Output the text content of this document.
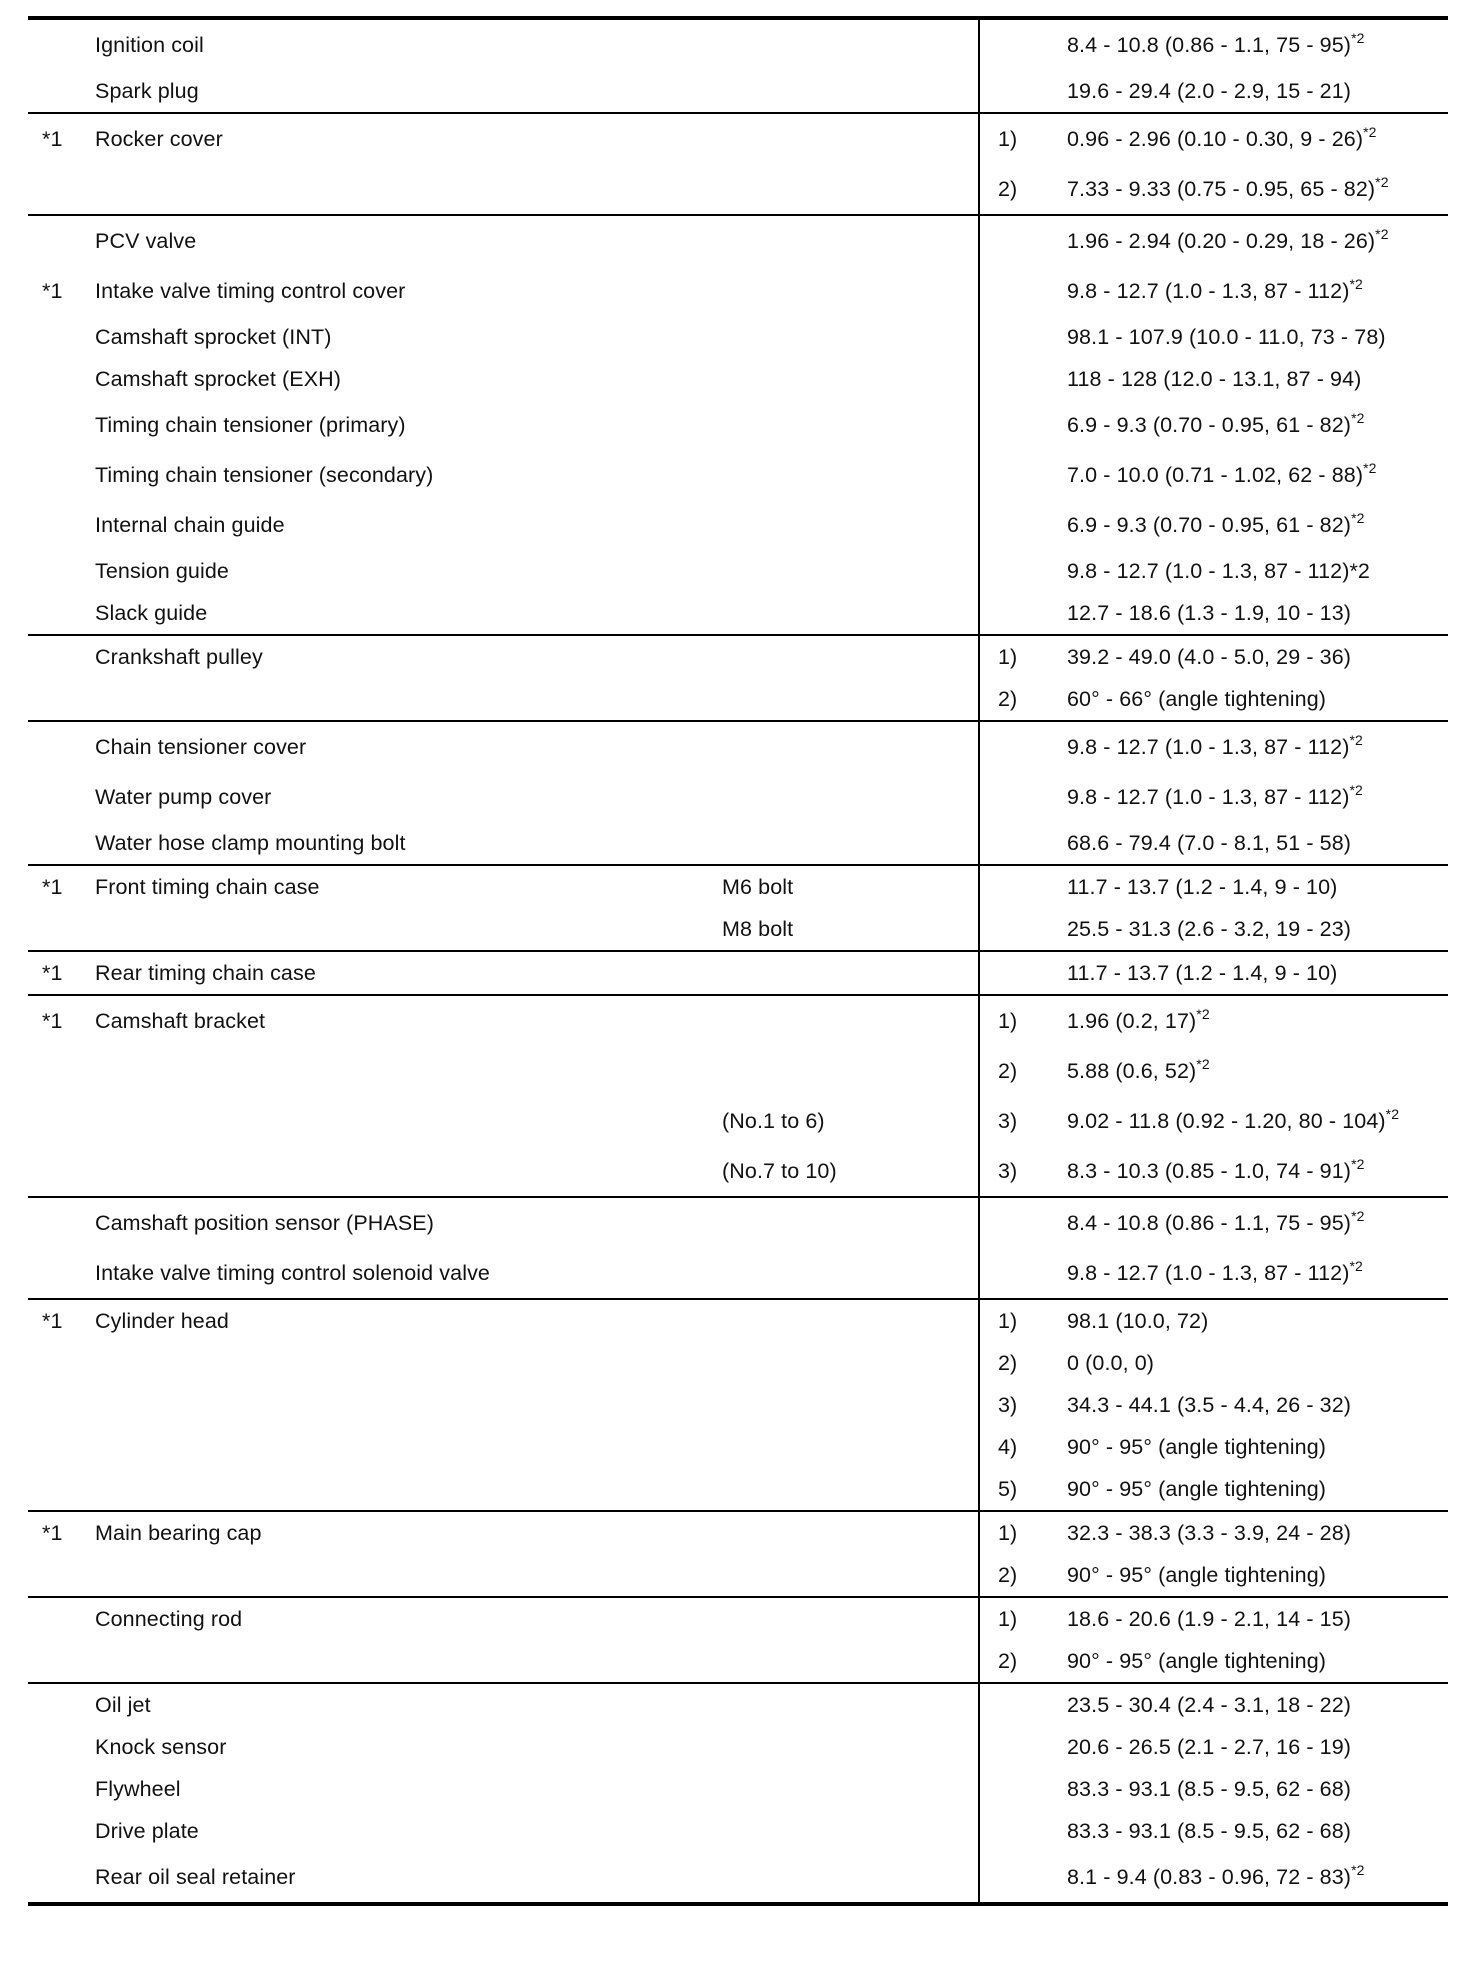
	Ignition coil			8.4 - 10.8 (0.86 - 1.1, 75 - 95)$^{*2}$
	Spark plug			19.6 - 29.4 (2.0 - 2.9, 15 - 21)
*1	Rocker cover		1)	0.96 - 2.96 (0.10 - 0.30, 9 - 26)$^{*2}$
			2)	7.33 - 9.33 (0.75 - 0.95, 65 - 82)$^{*2}$
	PCV valve			1.96 - 2.94 (0.20 - 0.29, 18 - 26)$^{*2}$
*1	Intake valve timing control cover			9.8 - 12.7 (1.0 - 1.3, 87 - 112)$^{*2}$
	Camshaft sprocket (INT)			98.1 - 107.9 (10.0 - 11.0, 73 - 78)
	Camshaft sprocket (EXH)			118 - 128 (12.0 - 13.1, 87 - 94)
	Timing chain tensioner (primary)			6.9 - 9.3 (0.70 - 0.95, 61 - 82)$^{*2}$
	Timing chain tensioner (secondary)			7.0 - 10.0 (0.71 - 1.02, 62 - 88)$^{*2}$
	Internal chain guide			6.9 - 9.3 (0.70 - 0.95, 61 - 82)$^{*2}$
	Tension guide			9.8 - 12.7 (1.0 - 1.3, 87 - 112)*2
	Slack guide			12.7 - 18.6 (1.3 - 1.9, 10 - 13)
	Crankshaft pulley		1)	39.2 - 49.0 (4.0 - 5.0, 29 - 36)
			2)	60° - 66° (angle tightening)
	Chain tensioner cover			9.8 - 12.7 (1.0 - 1.3, 87 - 112)$^{*2}$
	Water pump cover			9.8 - 12.7 (1.0 - 1.3, 87 - 112)$^{*2}$
	Water hose clamp mounting bolt			68.6 - 79.4 (7.0 - 8.1, 51 - 58)
*1	Front timing chain case	M6 bolt		11.7 - 13.7 (1.2 - 1.4, 9 - 10)
		M8 bolt		25.5 - 31.3 (2.6 - 3.2, 19 - 23)
*1	Rear timing chain case			11.7 - 13.7 (1.2 - 1.4, 9 - 10)
*1	Camshaft bracket		1)	1.96 (0.2, 17)$^{*2}$
			2)	5.88 (0.6, 52)$^{*2}$
		(No.1 to 6)	3)	9.02 - 11.8 (0.92 - 1.20, 80 - 104)$^{*2}$
		(No.7 to 10)	3)	8.3 - 10.3 (0.85 - 1.0, 74 - 91)$^{*2}$
	Camshaft position sensor (PHASE)			8.4 - 10.8 (0.86 - 1.1, 75 - 95)$^{*2}$
	Intake valve timing control solenoid valve			9.8 - 12.7 (1.0 - 1.3, 87 - 112)$^{*2}$
*1	Cylinder head		1)	98.1 (10.0, 72)
			2)	0 (0.0, 0)
			3)	34.3 - 44.1 (3.5 - 4.4, 26 - 32)
			4)	90° - 95° (angle tightening)
			5)	90° - 95° (angle tightening)
*1	Main bearing cap		1)	32.3 - 38.3 (3.3 - 3.9, 24 - 28)
			2)	90° - 95° (angle tightening)
	Connecting rod		1)	18.6 - 20.6 (1.9 - 2.1, 14 - 15)
			2)	90° - 95° (angle tightening)
	Oil jet			23.5 - 30.4 (2.4 - 3.1, 18 - 22)
	Knock sensor			20.6 - 26.5 (2.1 - 2.7, 16 - 19)
	Flywheel			83.3 - 93.1 (8.5 - 9.5, 62 - 68)
	Drive plate			83.3 - 93.1 (8.5 - 9.5, 62 - 68)
	Rear oil seal retainer			8.1 - 9.4 (0.83 - 0.96, 72 - 83)$^{*2}$
